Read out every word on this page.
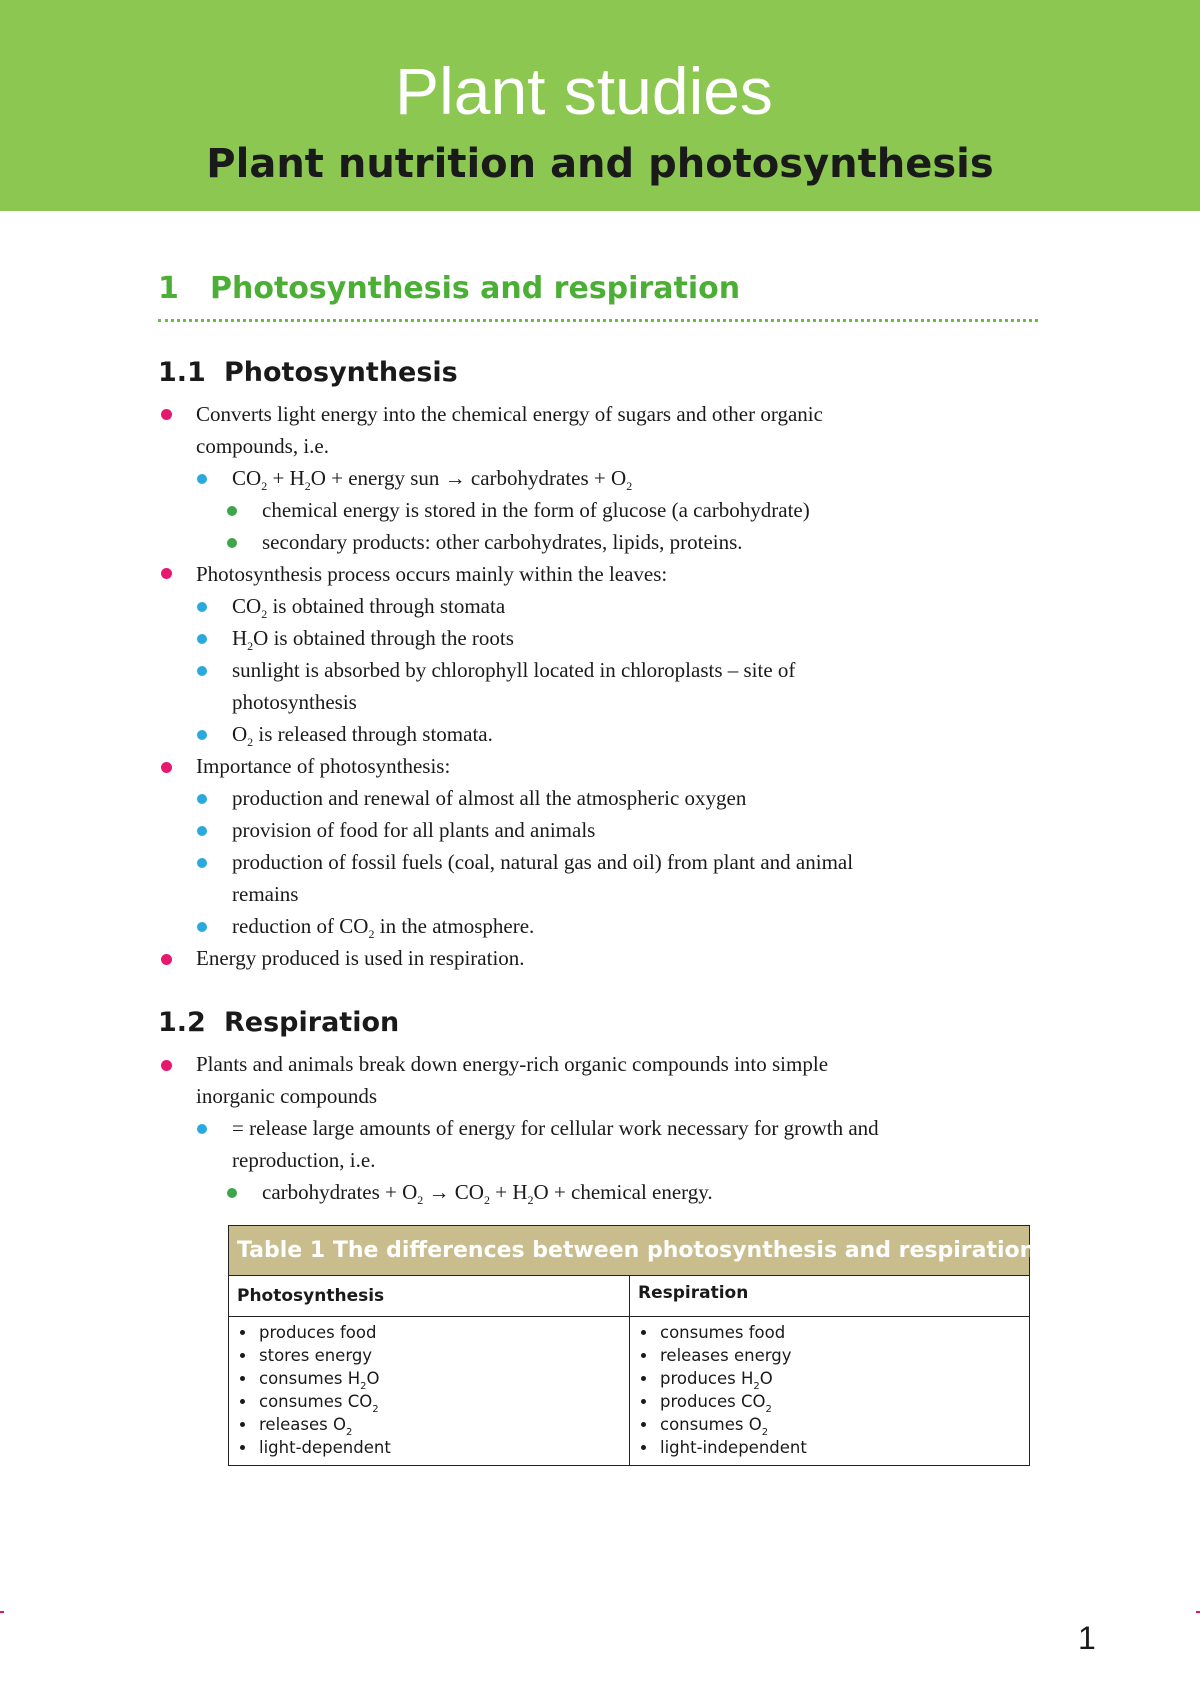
Plant studies
Plant nutrition and photosynthesis
1 Photosynthesis and respiration
1.1 Photosynthesis
Converts light energy into the chemical energy of sugars and other organic
compounds, i.e.
$CO_2 + H_2O$ + energy sun → carbohydrates + $O_2$
chemical energy is stored in the form of glucose (a carbohydrate)
secondary products: other carbohydrates, lipids, proteins.
Photosynthesis process occurs mainly within the leaves:
$CO_2$ is obtained through stomata
$H_2O$ is obtained through the roots
sunlight is absorbed by chlorophyll located in chloroplasts – site of
photosynthesis
$O_2$ is released through stomata.
Importance of photosynthesis:
production and renewal of almost all the atmospheric oxygen
provision of food for all plants and animals
production of fossil fuels (coal, natural gas and oil) from plant and animal
remains
reduction of $CO_2$ in the atmosphere.
Energy produced is used in respiration.
1.2 Respiration
Plants and animals break down energy-rich organic compounds into simple
inorganic compounds
= release large amounts of energy for cellular work necessary for growth and
reproduction, i.e.
carbohydrates + $O_2 \to CO_2 + H_2O$ + chemical energy.
Table 1 The differences between photosynthesis and respiration
Photosynthesis	Respiration
produces food
stores energy
consumes $H_2O$
consumes $CO_2$
releases $O_2$
light-dependent
consumes food
releases energy
produces $H_2O$
produces $CO_2$
consumes $O_2$
light-independent
1
